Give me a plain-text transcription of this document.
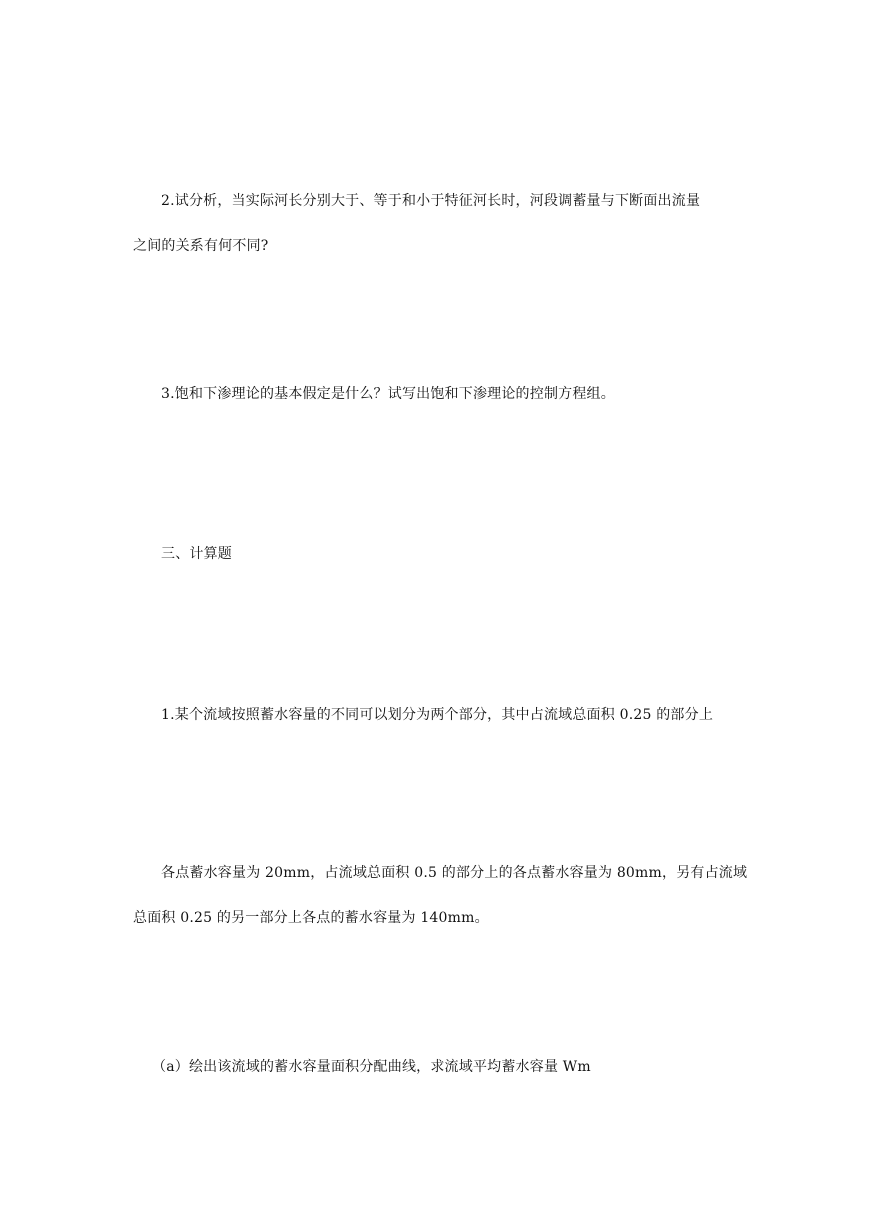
2.试分析，当实际河长分别大于、等于和小于特征河长时，河段调蓄量与下断面出流量
之间的关系有何不同?
3.饱和下渗理论的基本假定是什么？试写出饱和下渗理论的控制方程组。
三、计算题
1.某个流域按照蓄水容量的不同可以划分为两个部分，其中占流域总面积 0.25 的部分上
各点蓄水容量为 20mm，占流域总面积 0.5 的部分上的各点蓄水容量为 80mm，另有占流域
总面积 0.25 的另一部分上各点的蓄水容量为 140mm。
（a）绘出该流域的蓄水容量面积分配曲线，求流域平均蓄水容量 Wm
